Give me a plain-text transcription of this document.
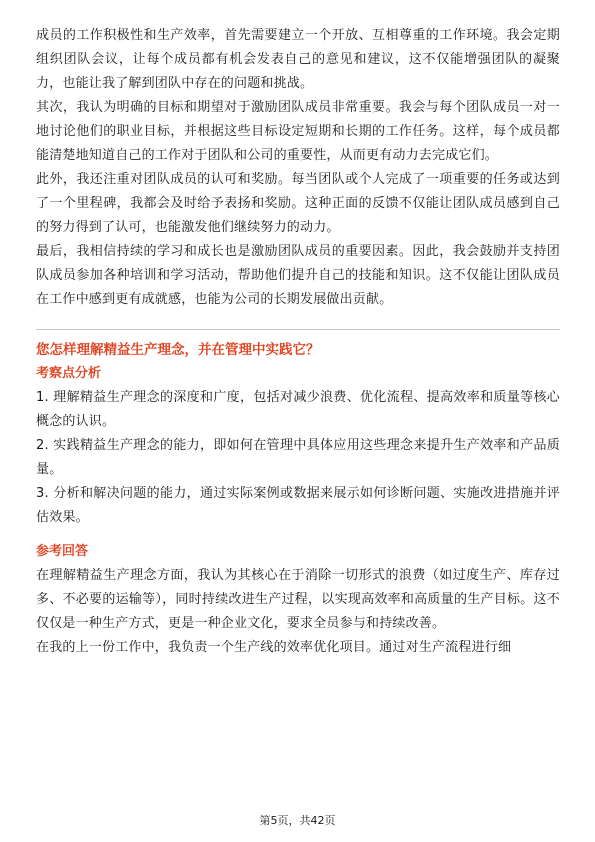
成员的工作积极性和生产效率，首先需要建立一个开放、互相尊重的工作环境。我会定期组织团队会议，让每个成员都有机会发表自己的意见和建议，这不仅能增强团队的凝聚力，也能让我了解到团队中存在的问题和挑战。

其次，我认为明确的目标和期望对于激励团队成员非常重要。我会与每个团队成员一对一地讨论他们的职业目标，并根据这些目标设定短期和长期的工作任务。这样，每个成员都能清楚地知道自己的工作对于团队和公司的重要性，从而更有动力去完成它们。

此外，我还注重对团队成员的认可和奖励。每当团队或个人完成了一项重要的任务或达到了一个里程碑，我都会及时给予表扬和奖励。这种正面的反馈不仅能让团队成员感到自己的努力得到了认可，也能激发他们继续努力的动力。

最后，我相信持续的学习和成长也是激励团队成员的重要因素。因此，我会鼓励并支持团队成员参加各种培训和学习活动，帮助他们提升自己的技能和知识。这不仅能让团队成员在工作中感到更有成就感，也能为公司的长期发展做出贡献。

您怎样理解精益生产理念，并在管理中实践它？

考察点分析

1. 理解精益生产理念的深度和广度，包括对减少浪费、优化流程、提高效率和质量等核心概念的认识。

2. 实践精益生产理念的能力，即如何在管理中具体应用这些理念来提升生产效率和产品质量。

3. 分析和解决问题的能力，通过实际案例或数据来展示如何诊断问题、实施改进措施并评估效果。

参考回答

在理解精益生产理念方面，我认为其核心在于消除一切形式的浪费（如过度生产、库存过多、不必要的运输等），同时持续改进生产过程，以实现高效率和高质量的生产目标。这不仅仅是一种生产方式，更是一种企业文化，要求全员参与和持续改善。

在我的上一份工作中，我负责一个生产线的效率优化项目。通过对生产流程进行细

第5页，共42页
